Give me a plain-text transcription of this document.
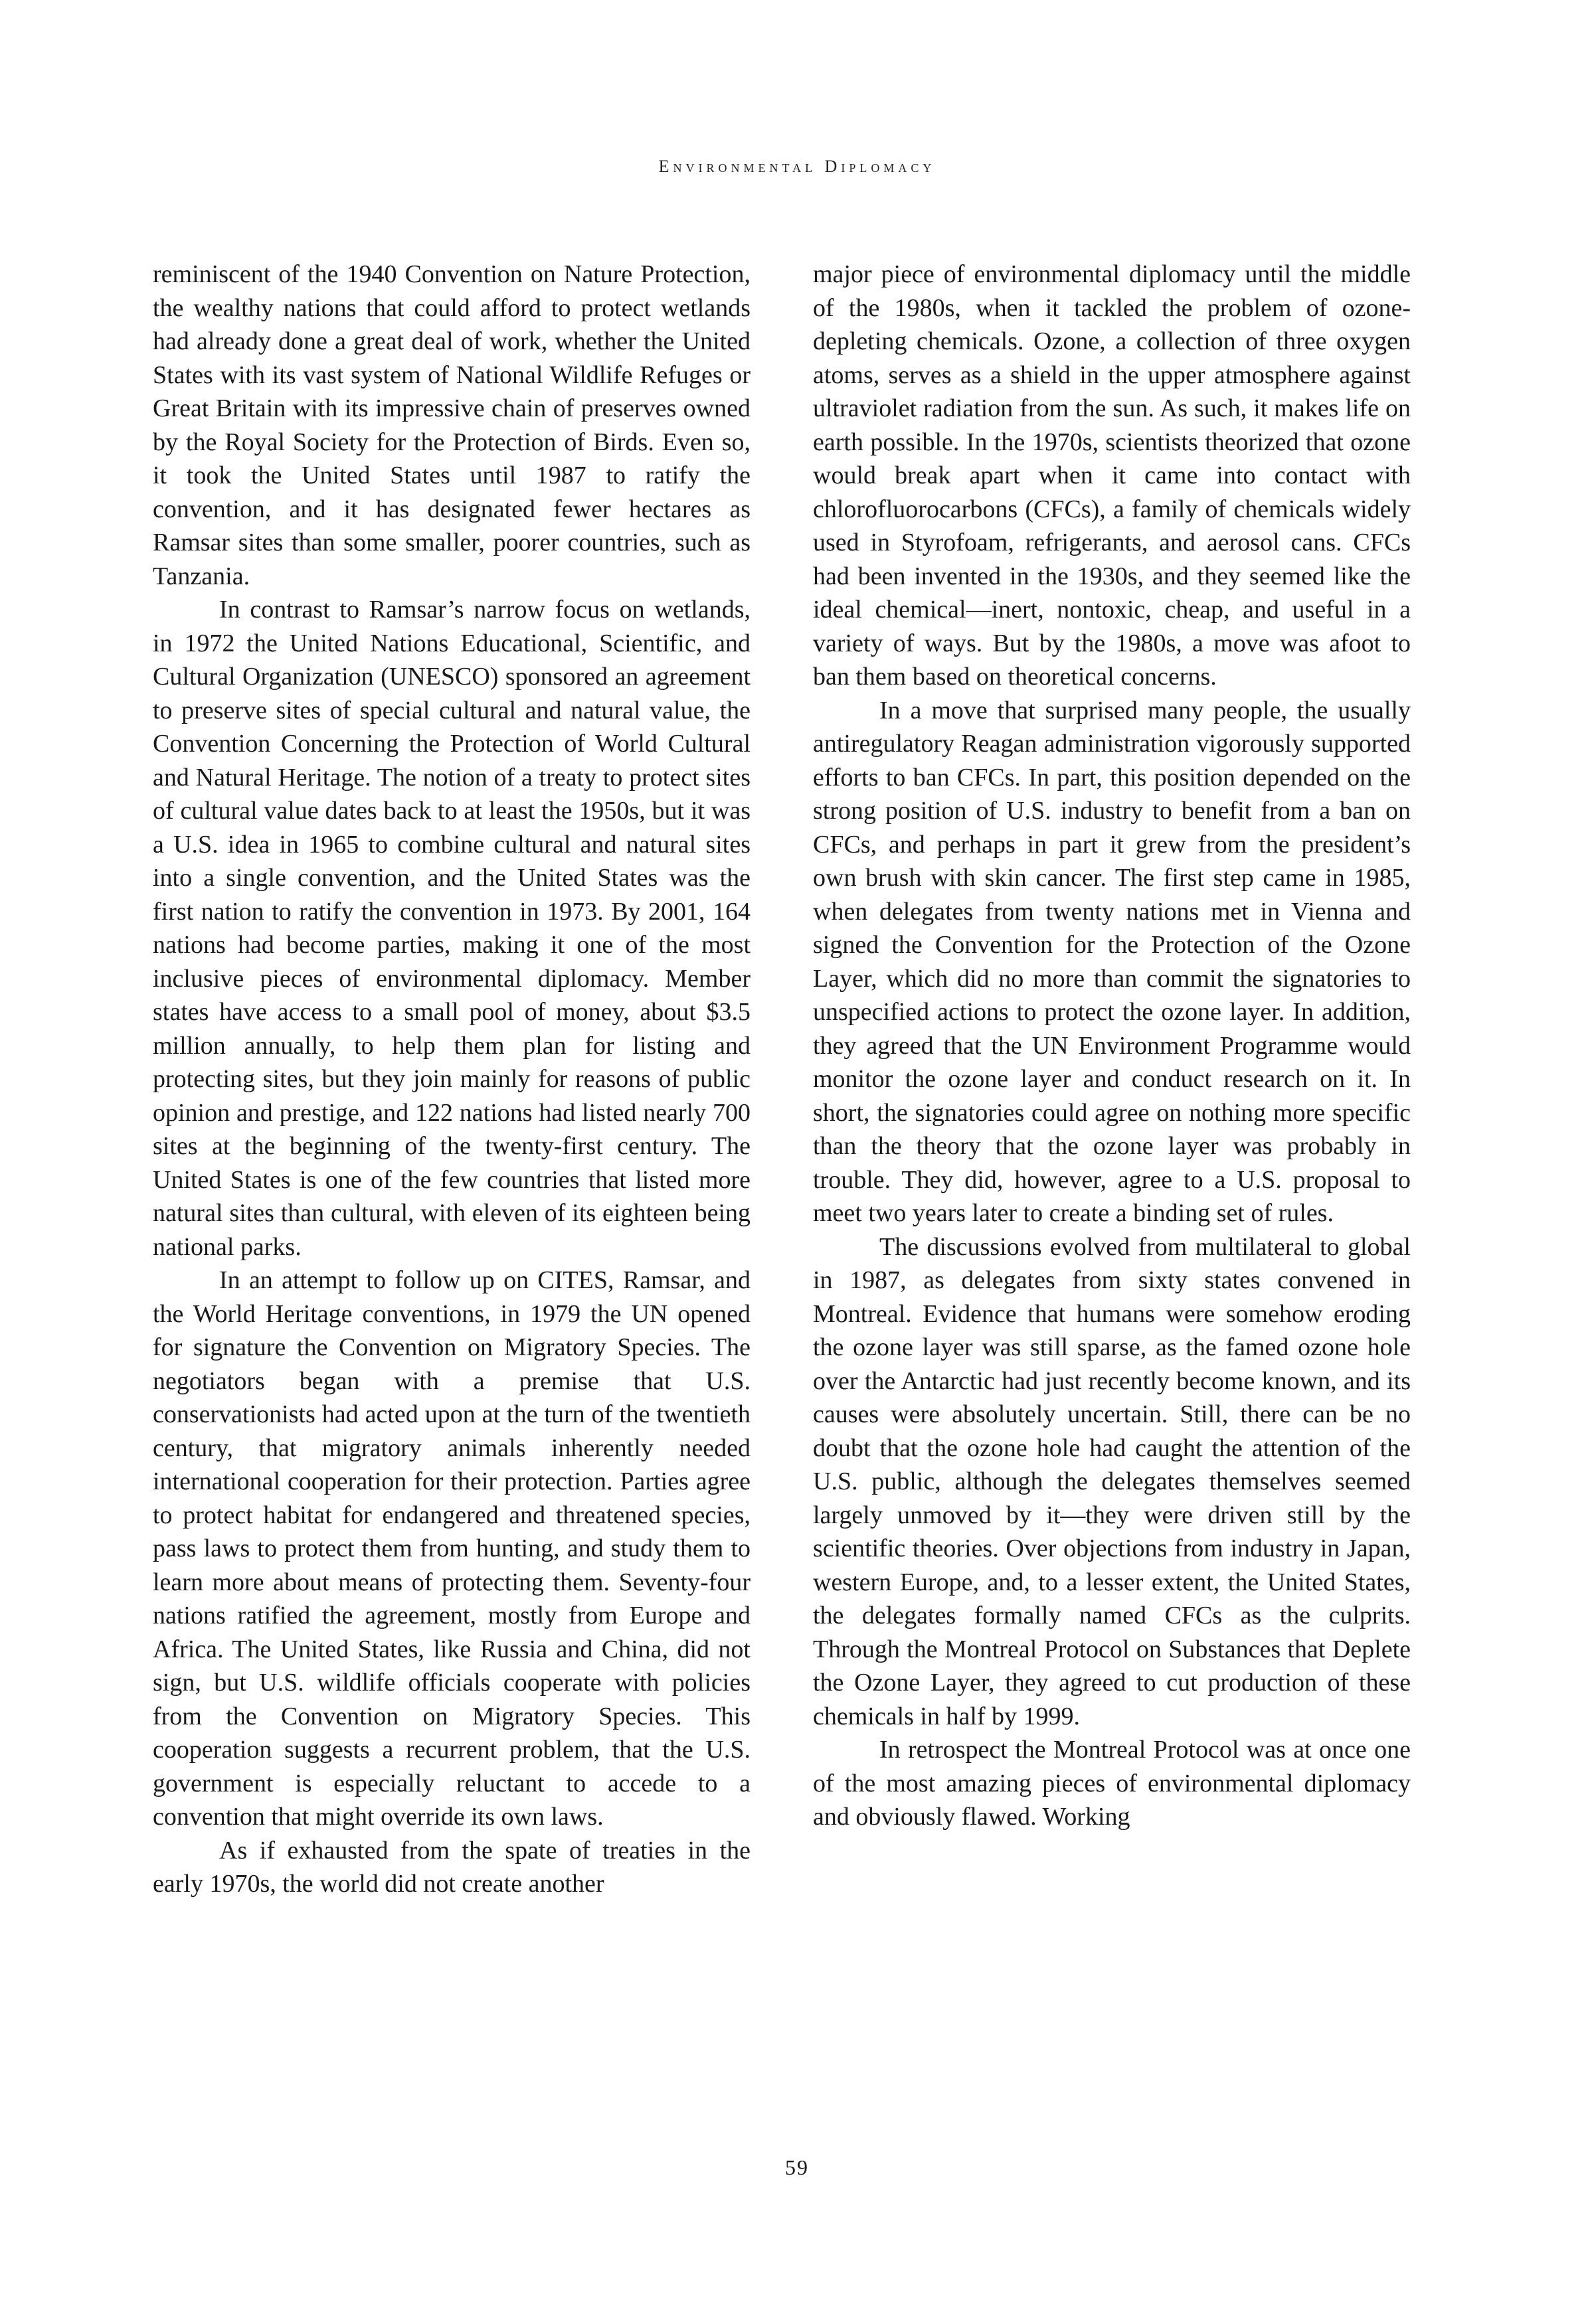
Environmental Diplomacy

reminiscent of the 1940 Convention on Nature Protection, the wealthy nations that could afford to protect wetlands had already done a great deal of work, whether the United States with its vast system of National Wildlife Refuges or Great Britain with its impressive chain of preserves owned by the Royal Society for the Protection of Birds. Even so, it took the United States until 1987 to ratify the convention, and it has designated fewer hectares as Ramsar sites than some smaller, poorer countries, such as Tanzania.

In contrast to Ramsar’s narrow focus on wetlands, in 1972 the United Nations Educational, Scientific, and Cultural Organization (UNESCO) sponsored an agreement to preserve sites of special cultural and natural value, the Convention Concerning the Protection of World Cultural and Natural Heritage. The notion of a treaty to protect sites of cultural value dates back to at least the 1950s, but it was a U.S. idea in 1965 to combine cultural and natural sites into a single convention, and the United States was the first nation to ratify the convention in 1973. By 2001, 164 nations had become parties, making it one of the most inclusive pieces of environmental diplomacy. Member states have access to a small pool of money, about $3.5 million annually, to help them plan for listing and protecting sites, but they join mainly for reasons of public opinion and prestige, and 122 nations had listed nearly 700 sites at the beginning of the twenty-first century. The United States is one of the few countries that listed more natural sites than cultural, with eleven of its eighteen being national parks.

In an attempt to follow up on CITES, Ramsar, and the World Heritage conventions, in 1979 the UN opened for signature the Convention on Migratory Species. The negotiators began with a premise that U.S. conservationists had acted upon at the turn of the twentieth century, that migratory animals inherently needed international cooperation for their protection. Parties agree to protect habitat for endangered and threatened species, pass laws to protect them from hunting, and study them to learn more about means of protecting them. Seventy-four nations ratified the agreement, mostly from Europe and Africa. The United States, like Russia and China, did not sign, but U.S. wildlife officials cooperate with policies from the Convention on Migratory Species. This cooperation suggests a recurrent problem, that the U.S. government is especially reluctant to accede to a convention that might override its own laws.

As if exhausted from the spate of treaties in the early 1970s, the world did not create another

major piece of environmental diplomacy until the middle of the 1980s, when it tackled the problem of ozone-depleting chemicals. Ozone, a collection of three oxygen atoms, serves as a shield in the upper atmosphere against ultraviolet radiation from the sun. As such, it makes life on earth possible. In the 1970s, scientists theorized that ozone would break apart when it came into contact with chlorofluorocarbons (CFCs), a family of chemicals widely used in Styrofoam, refrigerants, and aerosol cans. CFCs had been invented in the 1930s, and they seemed like the ideal chemical—inert, nontoxic, cheap, and useful in a variety of ways. But by the 1980s, a move was afoot to ban them based on theoretical concerns.

In a move that surprised many people, the usually antiregulatory Reagan administration vigorously supported efforts to ban CFCs. In part, this position depended on the strong position of U.S. industry to benefit from a ban on CFCs, and perhaps in part it grew from the president’s own brush with skin cancer. The first step came in 1985, when delegates from twenty nations met in Vienna and signed the Convention for the Protection of the Ozone Layer, which did no more than commit the signatories to unspecified actions to protect the ozone layer. In addition, they agreed that the UN Environment Programme would monitor the ozone layer and conduct research on it. In short, the signatories could agree on nothing more specific than the theory that the ozone layer was probably in trouble. They did, however, agree to a U.S. proposal to meet two years later to create a binding set of rules.

The discussions evolved from multilateral to global in 1987, as delegates from sixty states convened in Montreal. Evidence that humans were somehow eroding the ozone layer was still sparse, as the famed ozone hole over the Antarctic had just recently become known, and its causes were absolutely uncertain. Still, there can be no doubt that the ozone hole had caught the attention of the U.S. public, although the delegates themselves seemed largely unmoved by it—they were driven still by the scientific theories. Over objections from industry in Japan, western Europe, and, to a lesser extent, the United States, the delegates formally named CFCs as the culprits. Through the Montreal Protocol on Substances that Deplete the Ozone Layer, they agreed to cut production of these chemicals in half by 1999.

In retrospect the Montreal Protocol was at once one of the most amazing pieces of environmental diplomacy and obviously flawed. Working

59
